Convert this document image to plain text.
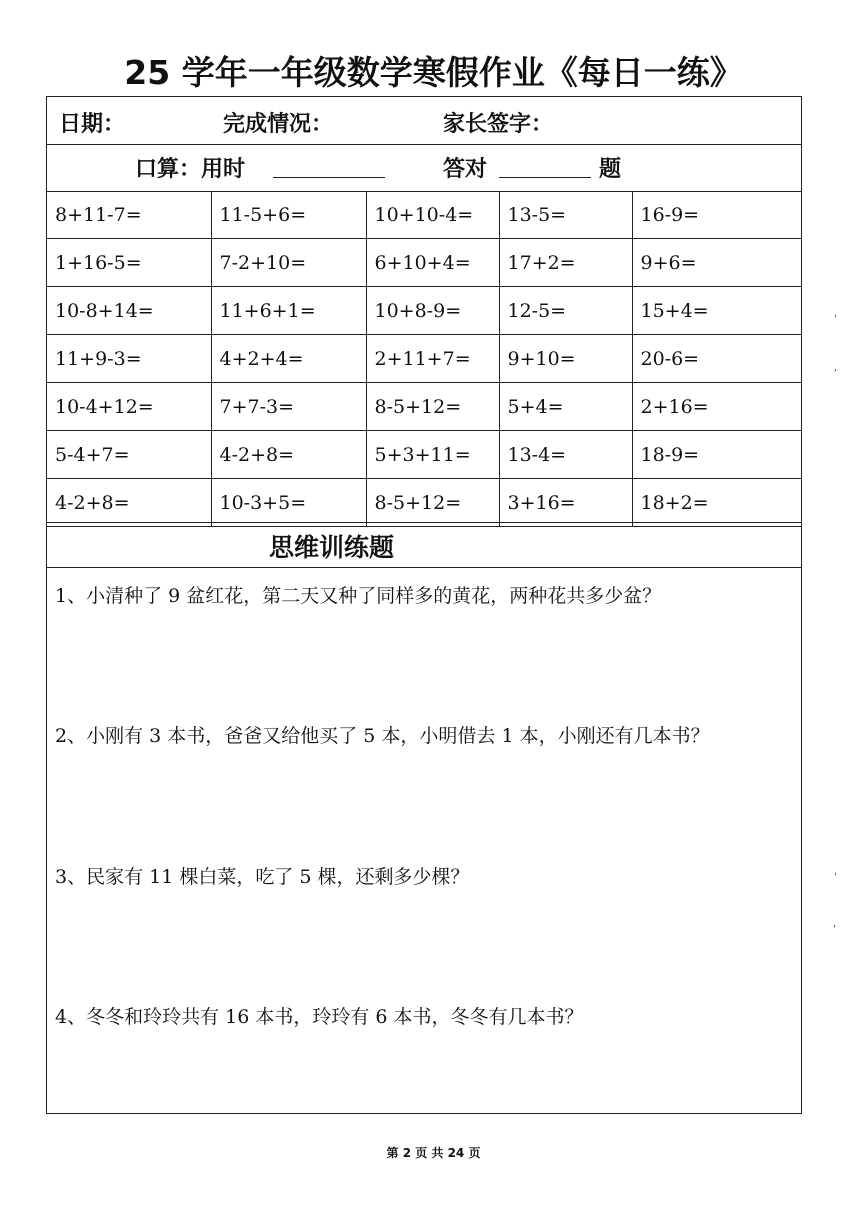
25 学年一年级数学寒假作业《每日一练》
日期：	完成情况：	家长签字：
口算：用时	答对	题
8+11-7=	11-5+6=	10+10-4=	13-5=	16-9=
1+16-5=	7-2+10=	6+10+4=	17+2=	9+6=
10-8+14=	11+6+1=	10+8-9=	12-5=	15+4=
11+9-3=	4+2+4=	2+11+7=	9+10=	20-6=
10-4+12=	7+7-3=	8-5+12=	5+4=	2+16=
5-4+7=	4-2+8=	5+3+11=	13-4=	18-9=
4-2+8=	10-3+5=	8-5+12=	3+16=	18+2=
思维训练题
1、小清种了 9 盆红花，第二天又种了同样多的黄花，两种花共多少盆？
2、小刚有 3 本书，爸爸又给他买了 5 本，小明借去 1 本，小刚还有几本书？
3、民家有 11 棵白菜，吃了 5 棵，还剩多少棵？
4、冬冬和玲玲共有 16 本书，玲玲有 6 本书，冬冬有几本书？
第 2 页 共 24 页
'
,
'
,
